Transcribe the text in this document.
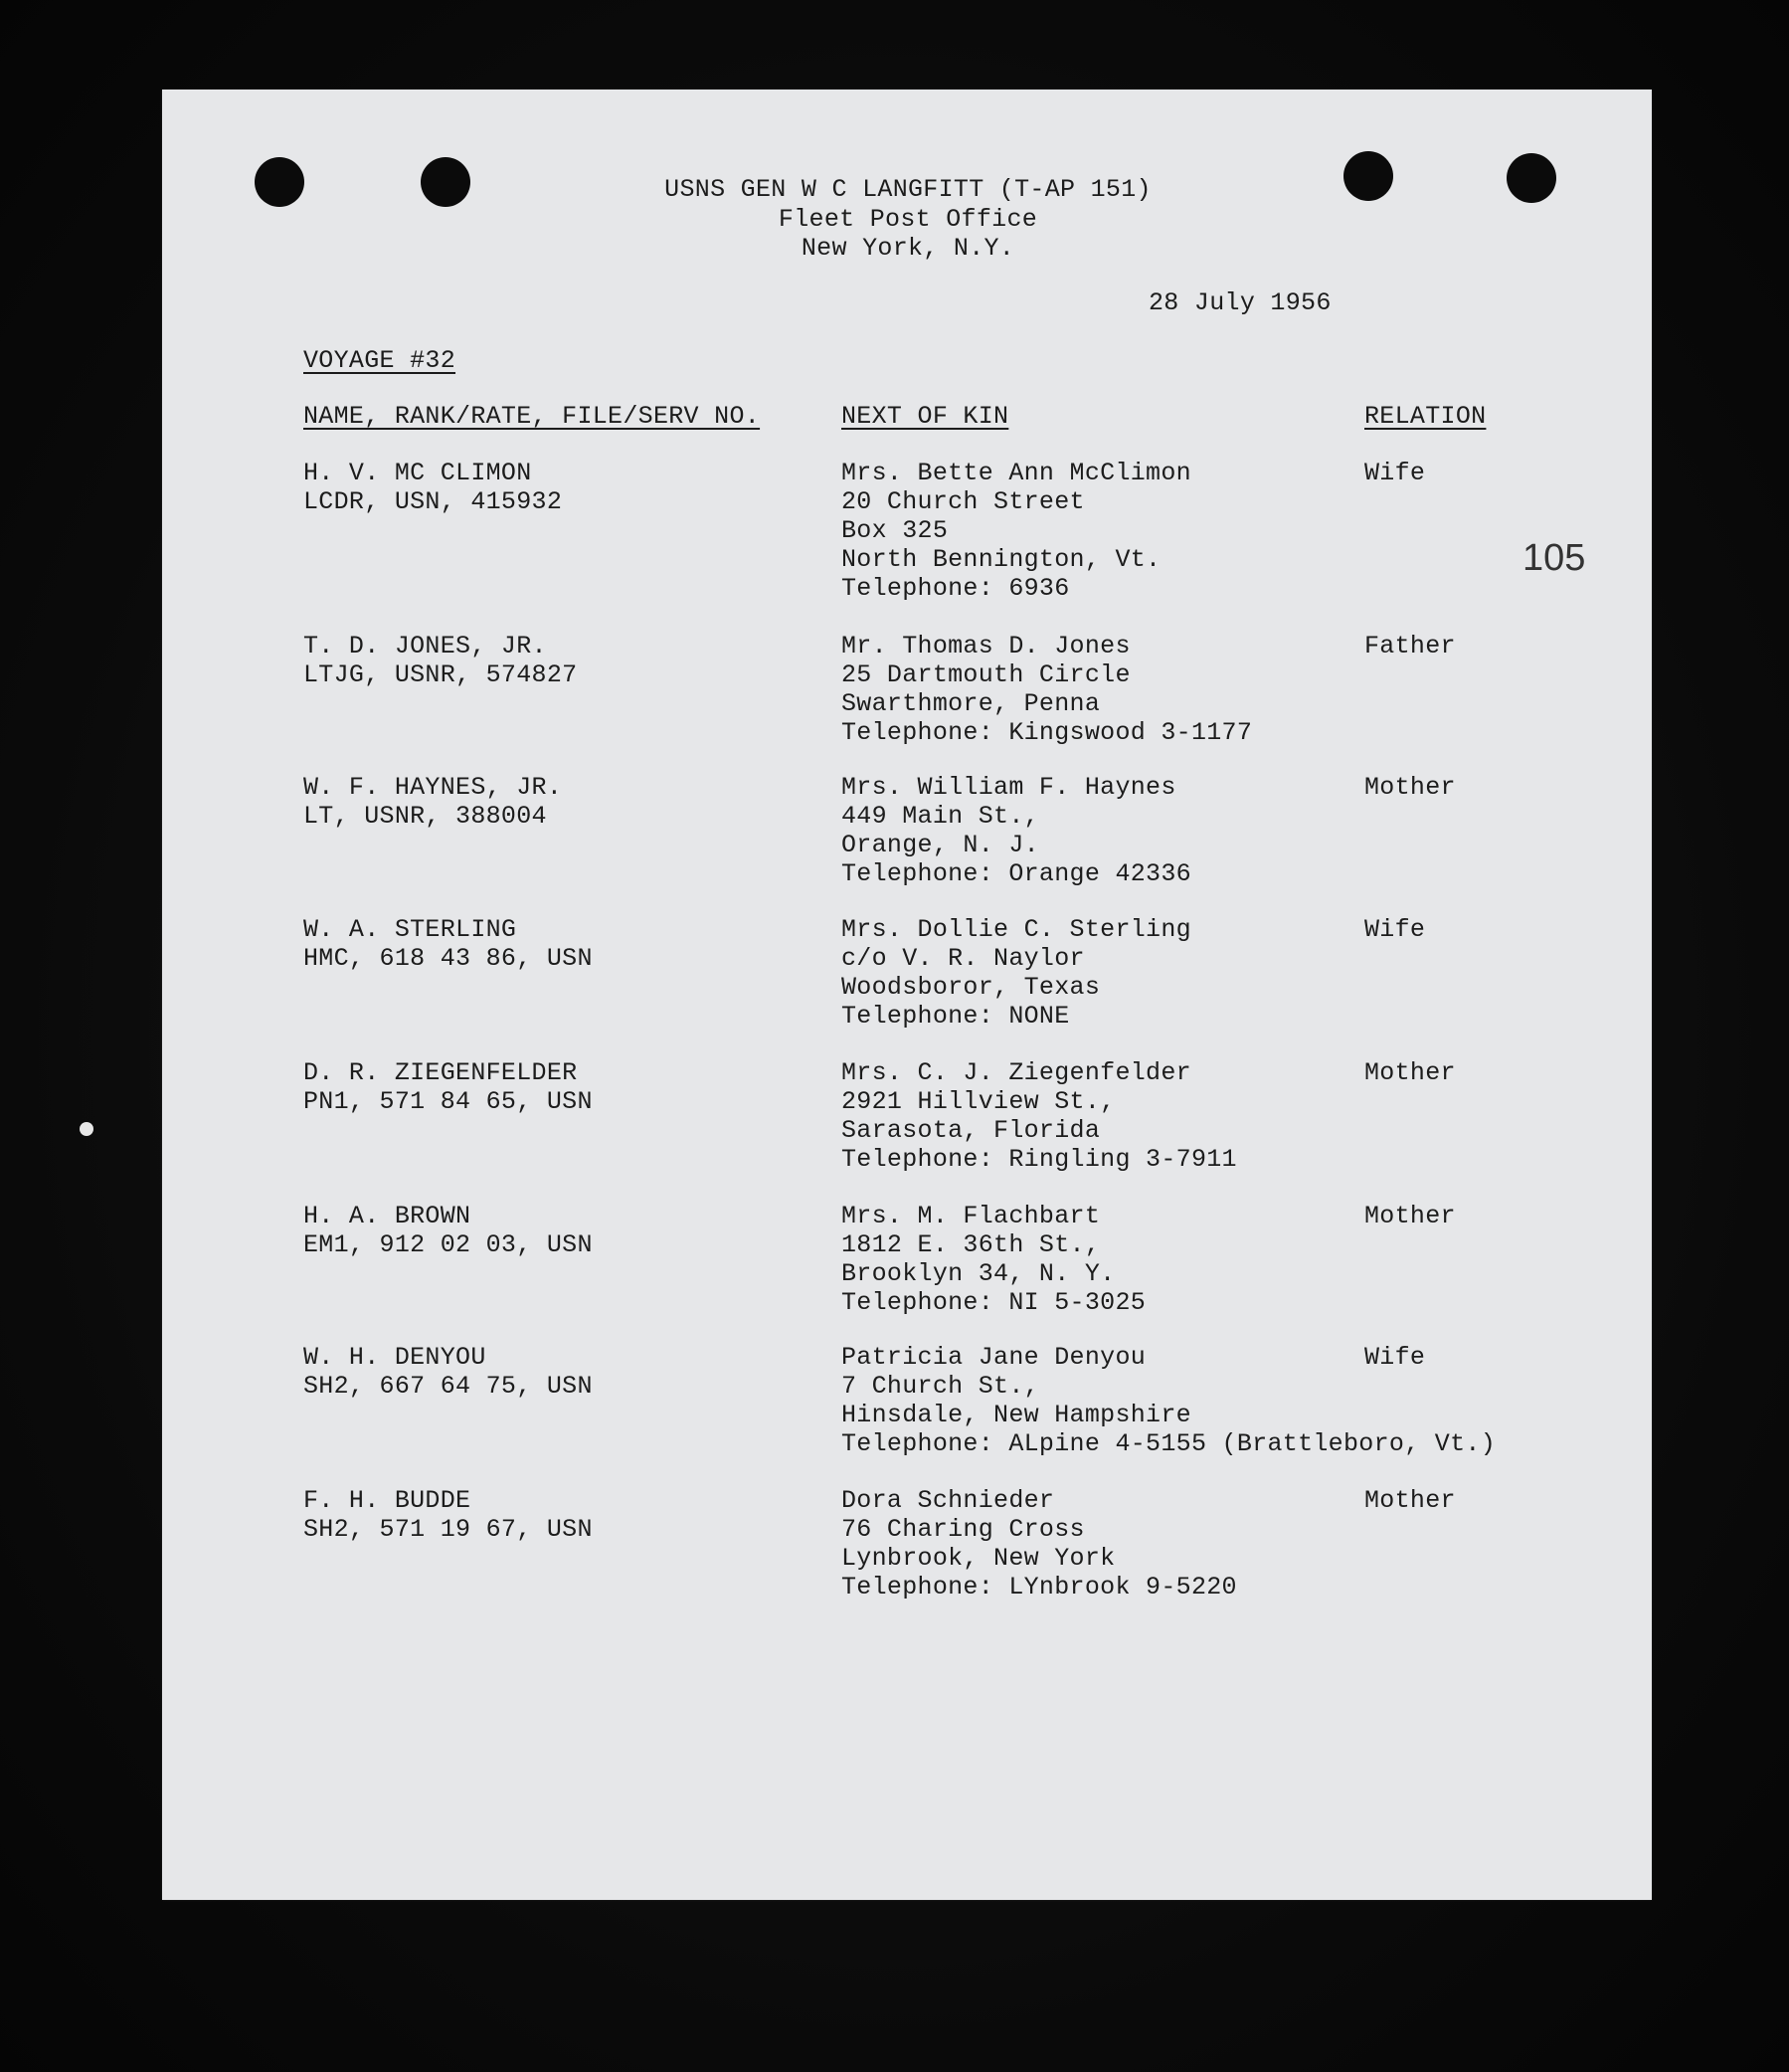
USNS GEN W C LANGFITT (T-AP 151)
Fleet Post Office
New York, N.Y.
28 July 1956
VOYAGE #32
NAME, RANK/RATE, FILE/SERV NO.	NEXT OF KIN	RELATION
105
H. V. MC CLIMON
LCDR, USN, 415932
Mrs. Bette Ann McClimon
20 Church Street
Box 325
North Bennington, Vt.
Telephone: 6936
Wife
T. D. JONES, JR.
LTJG, USNR, 574827
Mr. Thomas D. Jones
25 Dartmouth Circle
Swarthmore, Penna
Telephone: Kingswood 3-1177
Father
W. F. HAYNES, JR.
LT, USNR, 388004
Mrs. William F. Haynes
449 Main St.,
Orange, N. J.
Telephone: Orange 42336
Mother
W. A. STERLING
HMC, 618 43 86, USN
Mrs. Dollie C. Sterling
c/o V. R. Naylor
Woodsboror, Texas
Telephone: NONE
Wife
D. R. ZIEGENFELDER
PN1, 571 84 65, USN
Mrs. C. J. Ziegenfelder
2921 Hillview St.,
Sarasota, Florida
Telephone: Ringling 3-7911
Mother
H. A. BROWN
EM1, 912 02 03, USN
Mrs. M. Flachbart
1812 E. 36th St.,
Brooklyn 34, N. Y.
Telephone: NI 5-3025
Mother
W. H. DENYOU
SH2, 667 64 75, USN
Patricia Jane Denyou
7 Church St.,
Hinsdale, New Hampshire
Telephone: ALpine 4-5155 (Brattleboro, Vt.)
Wife
F. H. BUDDE
SH2, 571 19 67, USN
Dora Schnieder
76 Charing Cross
Lynbrook, New York
Telephone: LYnbrook 9-5220
Mother
